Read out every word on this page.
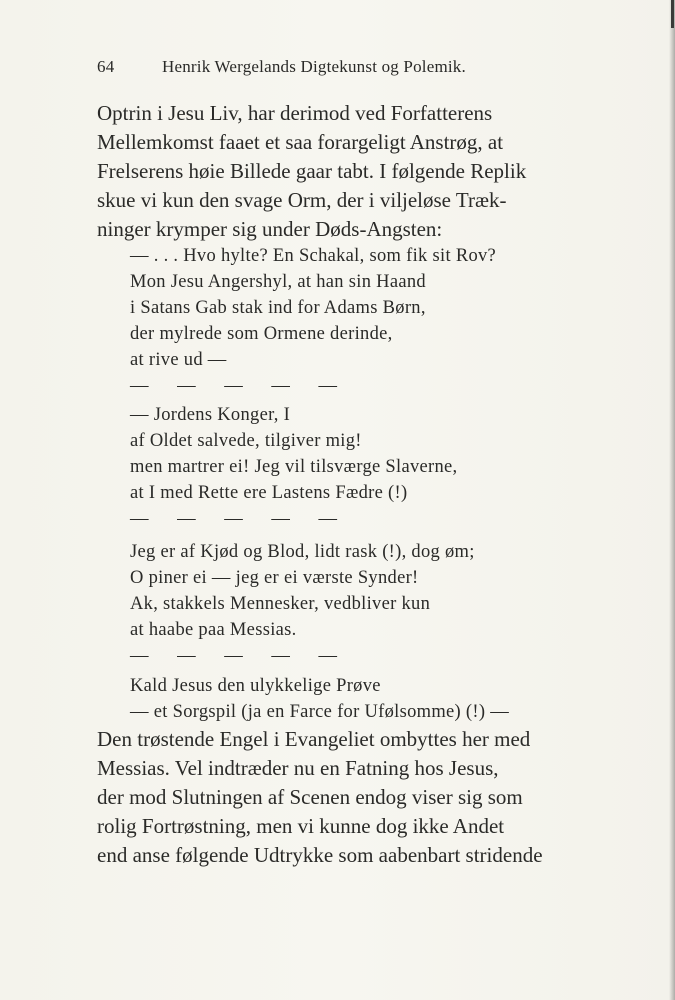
64	Henrik Wergelands Digtekunst og Polemik.
Optrin i Jesu Liv, har derimod ved Forfatterens
Mellemkomst faaet et saa forargeligt Anstrøg, at
Frelserens høie Billede gaar tabt. I følgende Replik
skue vi kun den svage Orm, der i viljeløse Træk-
ninger krymper sig under Døds-Angsten:
— . . . Hvo hylte? En Schakal, som fik sit Rov?
Mon Jesu Angershyl, at han sin Haand
i Satans Gab stak ind for Adams Børn,
der mylrede som Ormene derinde,
at rive ud —
— — — — —
— Jordens Konger, I
af Oldet salvede, tilgiver mig!
men martrer ei! Jeg vil tilsværge Slaverne,
at I med Rette ere Lastens Fædre (!)
— — — — —
Jeg er af Kjød og Blod, lidt rask (!), dog øm;
O piner ei — jeg er ei værste Synder!
Ak, stakkels Mennesker, vedbliver kun
at haabe paa Messias.
— — — — —
Kald Jesus den ulykkelige Prøve
— et Sorgspil (ja en Farce for Ufølsomme) (!) —
Den trøstende Engel i Evangeliet ombyttes her med
Messias. Vel indtræder nu en Fatning hos Jesus,
der mod Slutningen af Scenen endog viser sig som
rolig Fortrøstning, men vi kunne dog ikke Andet
end anse følgende Udtrykke som aabenbart stridende
